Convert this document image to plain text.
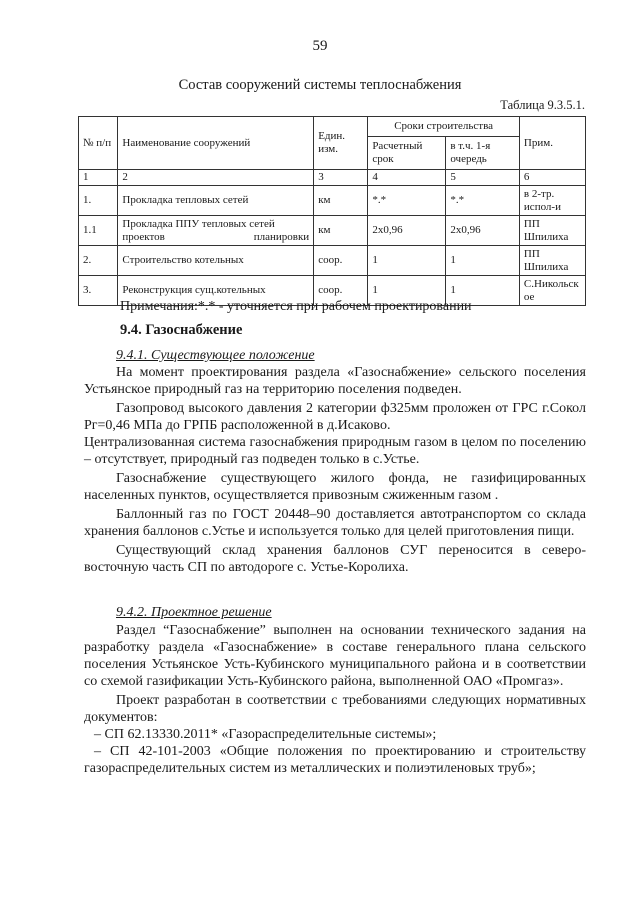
59
Состав сооружений системы теплоснабжения
Таблица 9.3.5.1.
№ п/п	Наименование сооружений	Един. изм.	Сроки строительства		Прим.
			Расчетный срок	в т.ч. 1-я очередь	
1	2	3	4	5	6
1.	Прокладка тепловых сетей	км	*.*	*.*	в 2-тр. испол-и
1.1	Прокладка ППУ тепловых сетей проектов планировки	км	2х0,96	2х0,96	ПП Шпилиха
2.	Строительство котельных	соор.	1	1	ПП Шпилиха
3.	Реконструкция сущ.котельных	соор.	1	1	С.Никольское
Примечания:*.* - уточняется при рабочем проектировании
9.4. Газоснабжение
9.4.1. Существующее положение

На момент проектирования раздела «Газоснабжение» сельского поселения Устьянское природный газ на территорию поселения подведен.

Газопровод высокого давления 2 категории ф325мм проложен от ГРС г.Сокол Рг=0,46 МПа до ГРПБ расположенной в д.Исаково.

Централизованная система газоснабжения природным газом в целом по поселению – отсутствует, природный газ подведен только в с.Устье.

Газоснабжение существующего жилого фонда, не газифицированных населенных пунктов, осуществляется привозным сжиженным газом .

Баллонный газ по ГОСТ 20448–90 доставляется автотранспортом со склада хранения баллонов с.Устье и используется только для целей приготовления пищи.

Существующий склад хранения баллонов СУГ переносится в северо-восточную часть СП по автодороге с. Устье-Королиха.

9.4.2. Проектное решение

Раздел “Газоснабжение” выполнен на основании технического задания на разработку раздела «Газоснабжение» в составе генерального плана сельского поселения Устьянское Усть-Кубинского муниципального района и в соответствии со схемой газификации Усть-Кубинского района, выполненной ОАО «Промгаз».

Проект разработан в соответствии с требованиями следующих нормативных документов:

– СП 62.13330.2011* «Газораспределительные системы»;

– СП 42-101-2003 «Общие положения по проектированию и строительству газораспределительных систем из металлических и полиэтиленовых труб»;
